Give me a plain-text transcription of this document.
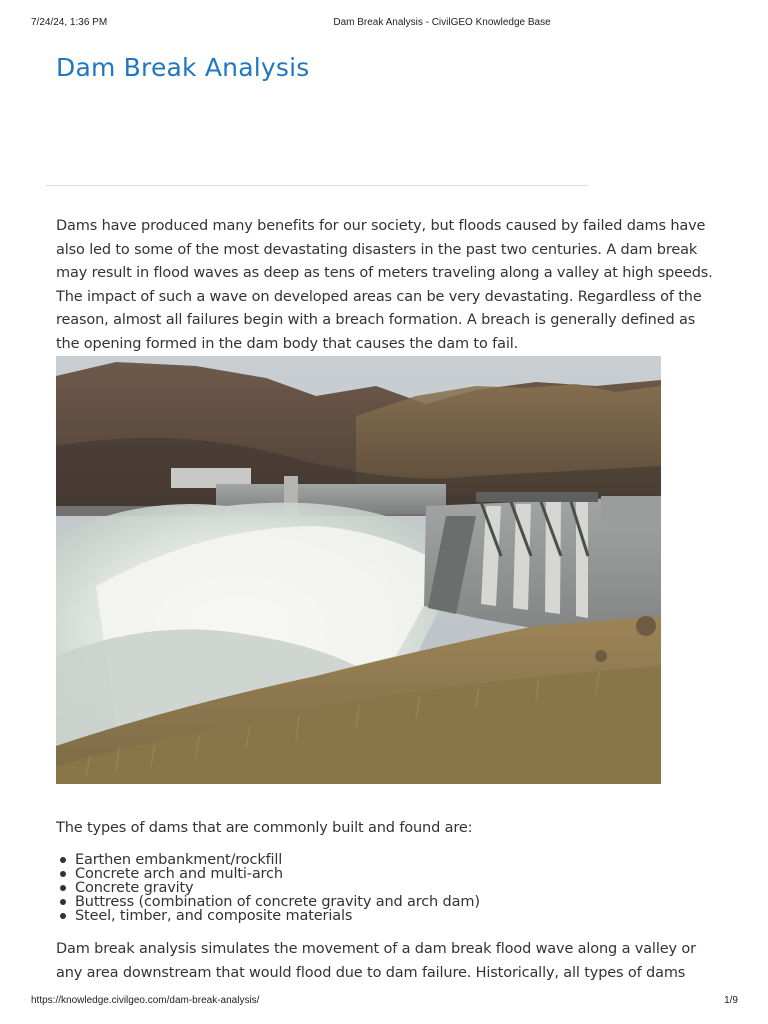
7/24/24, 1:36 PM	Dam Break Analysis - CivilGEO Knowledge Base
Dam Break Analysis

Dams have produced many benefits for our society, but floods caused by failed dams have also led to some of the most devastating disasters in the past two centuries. A dam break may result in flood waves as deep as tens of meters traveling along a valley at high speeds. The impact of such a wave on developed areas can be very devastating. Regardless of the reason, almost all failures begin with a breach formation. A breach is generally defined as the opening formed in the dam body that causes the dam to fail.

The types of dams that are commonly built and found are:

Earthen embankment/rockfill
Concrete arch and multi-arch
Concrete gravity
Buttress (combination of concrete gravity and arch dam)
Steel, timber, and composite materials

Dam break analysis simulates the movement of a dam break flood wave along a valley or any area downstream that would flood due to dam failure. Historically, all types of dams

https://knowledge.civilgeo.com/dam-break-analysis/	1/9
